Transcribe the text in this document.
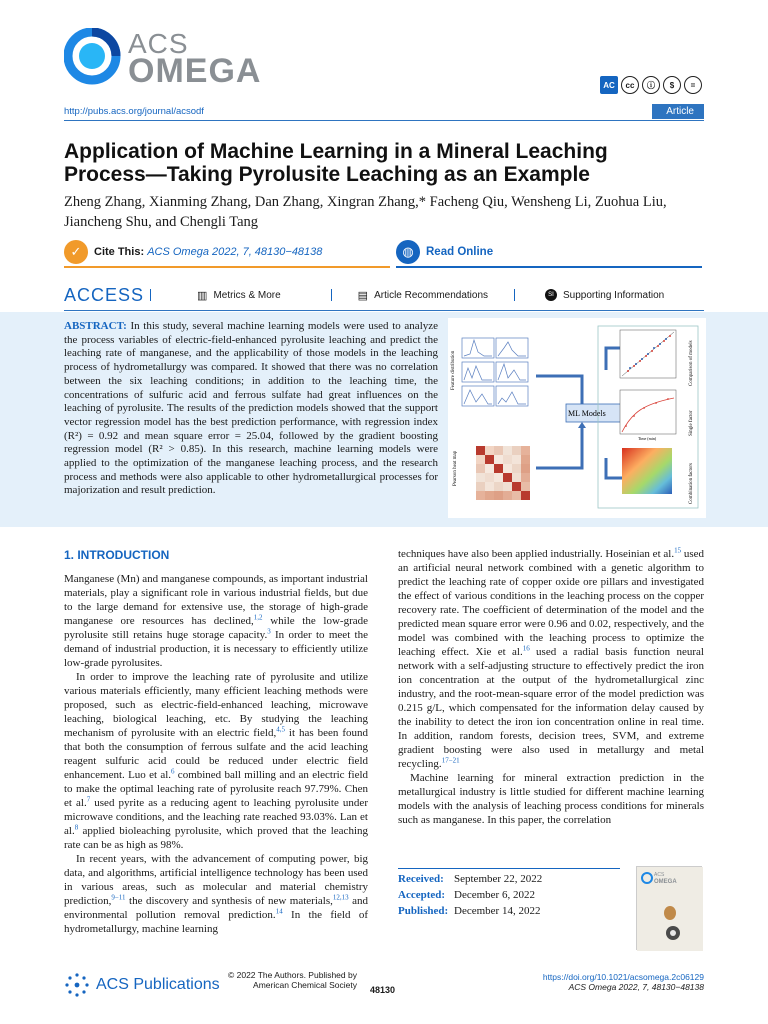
ACS
OMEGA	AC	cc	ⓘ	$	=
http://pubs.acs.org/journal/acsodf	Article
Application of Machine Learning in a Mineral Leaching Process—Taking Pyrolusite Leaching as an Example
Zheng Zhang, Xianming Zhang, Dan Zhang, Xingran Zhang,* Facheng Qiu, Wensheng Li, Zuohua Liu, Jiancheng Shu, and Chengli Tang
✓	Cite This: ACS Omega 2022, 7, 48130−48138	◍	Read Online
ACCESS	▥ Metrics & More	▤ Article Recommendations	SI Supporting Information
ABSTRACT: In this study, several machine learning models were used to analyze the process variables of electric-field-enhanced pyrolusite leaching and predict the leaching rate of manganese, and the applicability of those models in the leaching process of hydrometallurgy was compared. It showed that there was no correlation between the six leaching conditions; in addition to the leaching time, the concentrations of sulfuric acid and ferrous sulfate had great influences on the leaching of pyrolusite. The results of the prediction models showed that the support vector regression model has the best prediction performance, with regression index (R²) = 0.92 and mean square error = 25.04, followed by the gradient boosting regression model (R² > 0.85). In this research, machine learning models were applied to the optimization of the manganese leaching process, and the research process and methods were also applicable to other hydrometallurgical processes for majorization and result prediction.
Feature distribution
Pearson heat map
Comparison of models
Single factor
Combination factors
ML Models
Time (min)
1. INTRODUCTION

Manganese (Mn) and manganese compounds, as important industrial materials, play a significant role in various industrial fields, but due to the large demand for extensive use, the storage of high-grade manganese ore resources has declined,$^{1,2}$ while the low-grade pyrolusite still retains huge storage capacity.$^3$ In order to meet the demand of industrial production, it is necessary to efficiently utilize low-grade pyrolusites.

In order to improve the leaching rate of pyrolusite and utilize various materials efficiently, many efficient leaching methods were proposed, such as electric-field-enhanced leaching, microwave leaching, biological leaching, etc. By studying the leaching mechanism of pyrolusite with an electric field,$^{4,5}$ it has been found that both the consumption of ferrous sulfate and the acid leaching reagent sulfuric acid could be reduced under electric field enhancement. Luo et al.$^6$ combined ball milling and an electric field to make the optimal leaching rate of pyrolusite reach 97.79%. Chen et al.$^7$ used pyrite as a reducing agent to leaching pyrolusite under microwave conditions, and the leaching rate reached 93.03%. Lan et al.$^8$ applied bioleaching pyrolusite, which proved that the leaching rate can be as high as 98%.

In recent years, with the advancement of computing power, big data, and algorithms, artificial intelligence technology has been used in various areas, such as molecular and material chemistry prediction,$^{9-11}$ the discovery and synthesis of new materials,$^{12,13}$ and environmental pollution removal prediction.$^{14}$ In the field of hydrometallurgy, machine learning

techniques have also been applied industrially. Hoseinian et al.$^{15}$ used an artificial neural network combined with a genetic algorithm to predict the leaching rate of copper oxide ore pillars and investigated the effect of various conditions in the leaching process on the copper recovery rate. The coefficient of determination of the model and the predicted mean square error were 0.96 and 0.02, respectively, and the model was combined with the leaching process to optimize the leaching effect. Xie et al.$^{16}$ used a radial basis function neural network with a self-adjusting structure to effectively predict the iron ion concentration at the output of the hydrometallurgical zinc industry, and the root-mean-square error of the model prediction was 0.215 g/L, which compensated for the information delay caused by the inability to detect the iron ion concentration online in real time. In addition, random forests, decision trees, SVM, and extreme gradient boosting were also used in metallurgy and metal recycling.$^{17-21}$

Machine learning for mineral extraction prediction in the metallurgical industry is little studied for different machine learning models with the analysis of leaching process conditions for minerals such as manganese. In this paper, the correlation

Received: September 22, 2022
Accepted: December 6, 2022
Published: December 14, 2022
ACS
OMEGA
ACS Publications
© 2022 The Authors. Published by
American Chemical Society 48130
https://doi.org/10.1021/acsomega.2c06129
ACS Omega 2022, 7, 48130−48138
